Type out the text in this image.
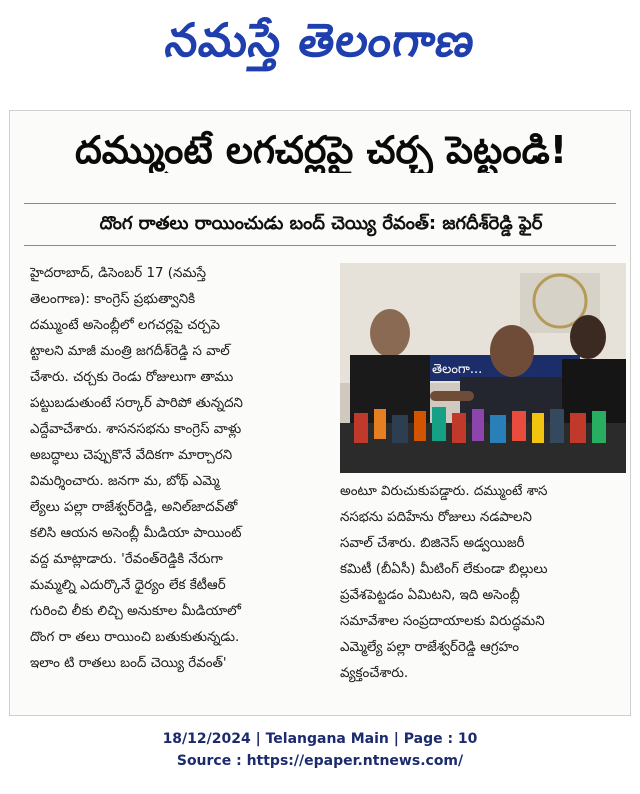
నమస్తే తెలంగాణ
దమ్ముంటే లగచర్లపై చర్చ పెట్టండి!
దొంగ రాతలు రాయించుడు బంద్ చెయ్యి రేవంత్: జగదీశ్‌రెడ్డి ఫైర్
హైదరాబాద్, డిసెంబర్ 17 (నమస్తే
తెలంగాణ): కాంగ్రెస్ ప్రభుత్వానికి
దమ్ముంటే అసెంబ్లీలో లగచర్లపై చర్చపె
ట్టాలని మాజీ మంత్రి జగదీశ్‌రెడ్డి స వాల్
చేశారు. చర్చకు రెండు రోజులుగా తాము
పట్టుబడుతుంటే సర్కార్ పారిపో తున్నదని
ఎద్దేవాచేశారు. శాసనసభను కాంగ్రెస్ వాళ్లు
అబద్ధాలు చెప్పుకొనే వేదికగా మార్చారని
విమర్శించారు. జనగా మ, బోథ్ ఎమ్మె
ల్యేలు పల్లా రాజేశ్వర్‌రెడ్డి, అనిల్‌జాదవ్‌తో
కలిసి ఆయన అసెంబ్లీ మీడియా పాయింట్
వద్ద మాట్లాడారు. 'రేవంత్‌రెడ్డికి నేరుగా
మమ్మల్ని ఎదుర్కొనే ధైర్యం లేక కేటీఆర్
గురించి లీకు లిచ్చి అనుకూల మీడియాలో
దొంగ రా తలు రాయించి బతుకుతున్నడు.
ఇలాం టి రాతలు బంద్ చెయ్యి రేవంత్'
తెలంగా...
అంటూ విరుచుకుపడ్డారు. దమ్ముంటే శాస
నసభను పదిహేను రోజులు నడపాలని
సవాల్ చేశారు. బిజినెస్ అడ్వయిజరీ
కమిటీ (బీఏసీ) మీటింగ్ లేకుండా బిల్లులు
ప్రవేశపెట్టడం ఏమిటని, ఇది అసెంబ్లీ
సమావేశాల సంప్రదాయాలకు విరుద్ధమని
ఎమ్మెల్యే పల్లా రాజేశ్వర్‌రెడ్డి ఆగ్రహం
వ్యక్తంచేశారు.
18/12/2024 | Telangana Main | Page : 10
Source : https://epaper.ntnews.com/
